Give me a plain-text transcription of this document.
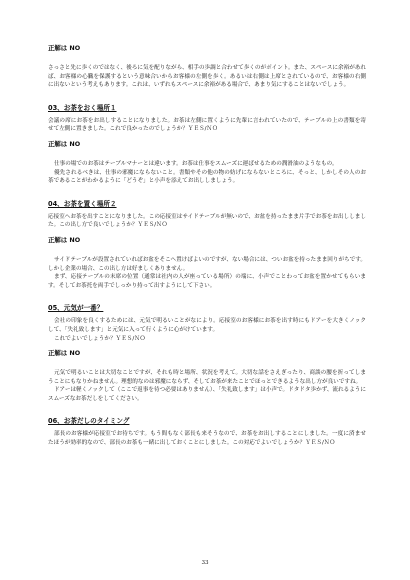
正解は NO

さっさと先に歩くのではなく、後ろに気を配りながら、相手の歩調と合わせて歩くのがポイント。また、スペースに余裕があれば、お客様の心臓を保護するという意味合いからお客様の左側を歩く。あるいは右側は上席とされているので、お客様の右側に出ないという考えもあります。これは、いずれもスペースに余裕がある場合で、あまり気にすることはないでしょう。

03、お茶をおく場所１

会議の席にお茶をお出しすることになりました。お茶は左側に置くように先輩に言われていたので、テーブルの上の書類を寄せて左側に置きました。これで良かったのでしょうか？ＹＥＳ/ＮＯ

正解は NO

仕事の場でのお茶はテーブルマナーとは違います。お茶は仕事をスムーズに運ばせるための潤滑油のようなもの。

優先されるべきは、仕事の邪魔にならないこと。書類やその他の物の妨げにならないところに、そっと、しかしその人のお茶であることがわかるように「どうぞ」と小声を添えてお出ししましょう。

04、お茶を置く場所２

応接室へお茶を出すことになりました。この応接室はサイドテーブルが無いので、お盆を持ったまま片手でお茶をお出ししました。この出し方で良いでしょうか？ＹＥＳ/ＮＯ

正解は NO

サイドテーブルが設置されていればお盆をそこへ置けばよいのですが、ない場合には、ついお盆を持ったまま回りがちです。しかし企業の場合、この出し方は好ましくありません。

まず、応接テーブルの末席の位置（通常は社内の人が座っている場所）の端に、小声でことわってお盆を置かせてもらいます。そしてお茶托を両手でしっかり持って出すようにして下さい。

05、元気が一番？

会社の印象を良くするためには、元気で明るいことがなにより。応接室のお客様にお茶を出す時にもドアーを大きくノックして、「失礼致します」と元気に入って行くように心がけています。

これでよいでしょうか？ＹＥＳ/ＮＯ

正解は NO

元気で明るいことは大切なことですが、それも時と場所、状況を考えて。大切な話をさえぎったり、商談の腰を折ってしまうことにもなりかねません。理想的なのは邪魔にならず、そしてお茶が来たことでほっとできるような出し方が良いですね。

ドアーは軽くノックして（ここで返事を待つ必要はありません）、「失礼致します」は小声で。ドタドタ歩かず、流れるようにスムーズなお茶だしをしてください。

06、お茶だしのタイミング

部長のお客様が応接室でお待ちです。もう間もなく部長も来そうなので、お茶をお出しすることにしました。一度に済ませたほうが効率的なので、部長のお茶も一緒に出しておくことにしました。この対応でよいでしょうか？ＹＥＳ/ＮＯ

33
